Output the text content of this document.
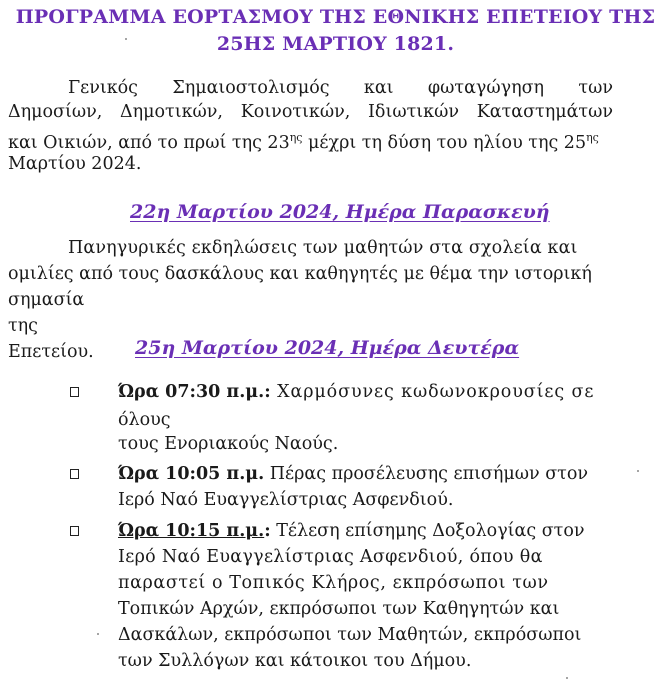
ΠΡΟΓΡΑΜΜΑ ΕΟΡΤΑΣΜΟΥ ΤΗΣ ΕΘΝΙΚΗΣ ΕΠΕΤΕΙΟΥ ΤΗΣ
25ΗΣ ΜΑΡΤΙΟΥ 1821.
Γενικός Σημαιοστολισμός και φωταγώγηση των
Δημοσίων, Δημοτικών, Κοινοτικών, Ιδιωτικών Καταστημάτων
και Οικιών, από το πρωί της $23^{\eta\varsigma}$ μέχρι τη δύση του ηλίου της $25^{\eta\varsigma}$
Μαρτίου 2024.
22η Μαρτίου 2024, Ημέρα Παρασκευή
Πανηγυρικές εκδηλώσεις των μαθητών στα σχολεία και
ομιλίες από τους δασκάλους και καθηγητές με θέμα την ιστορική
σημασία
της
Επετείου. 25η Μαρτίου 2024, Ημέρα Δευτέρα
Ώρα 07:30 π.μ.: Χαρμόσυνες κωδωνοκρουσίες σε
όλους
τους Ενοριακούς Ναούς.
Ώρα 10:05 π.μ. Πέρας προσέλευσης επισήμων στον
Ιερό Ναό Ευαγγελίστριας Ασφενδιού.
Ώρα 10:15 π.μ.: Τέλεση επίσημης Δοξολογίας στον
Ιερό Ναό Ευαγγελίστριας Ασφενδιού, όπου θα
παραστεί ο Τοπικός Κλήρος, εκπρόσωποι των
Τοπικών Αρχών, εκπρόσωποι των Καθηγητών και
Δασκάλων, εκπρόσωποι των Μαθητών, εκπρόσωποι
των Συλλόγων και κάτοικοι του Δήμου.
